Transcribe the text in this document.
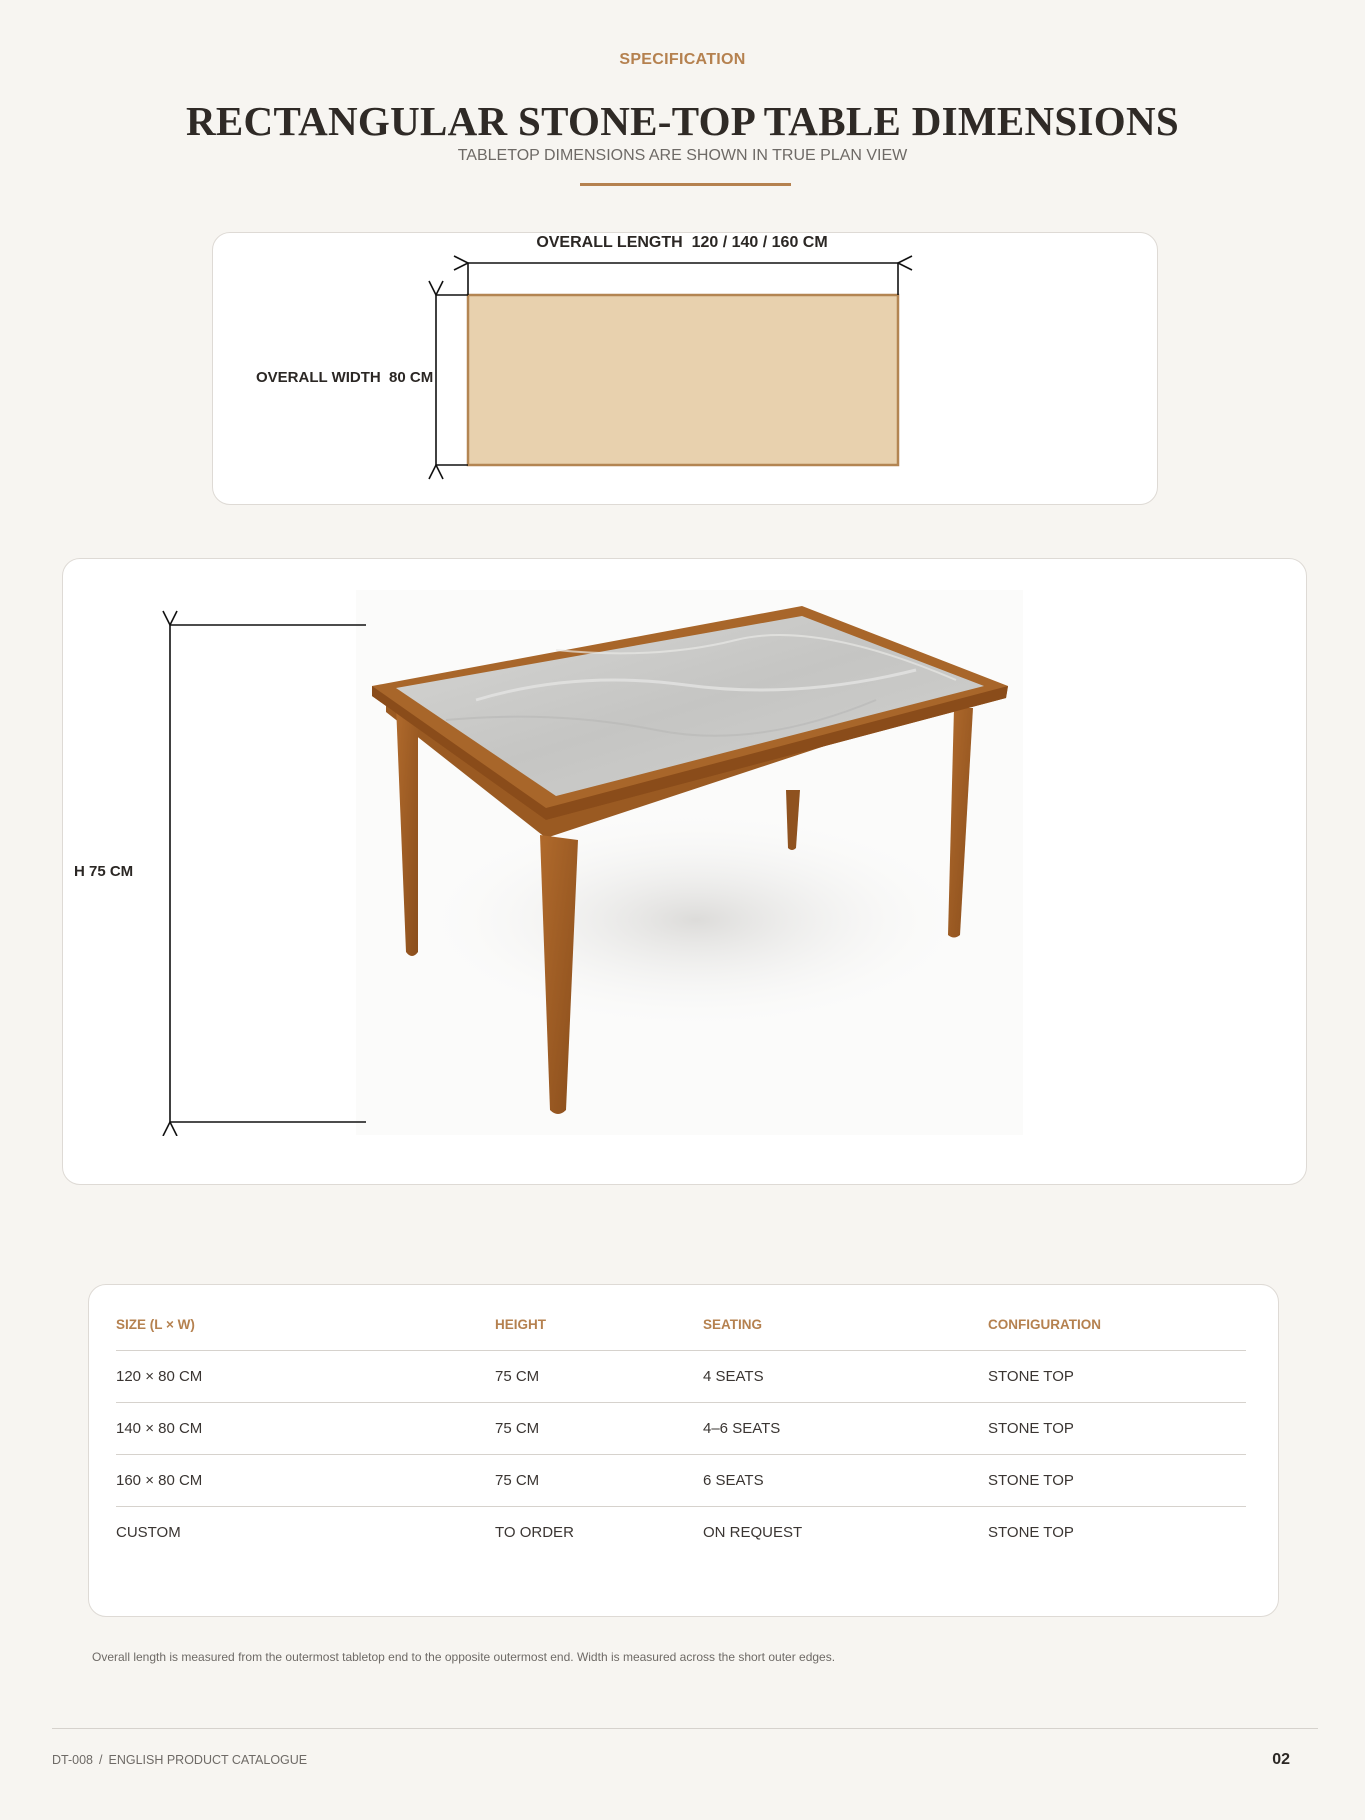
SPECIFICATION
RECTANGULAR STONE-TOP TABLE DIMENSIONS
TABLETOP DIMENSIONS ARE SHOWN IN TRUE PLAN VIEW
OVERALL LENGTH  120 / 140 / 160 CM
OVERALL WIDTH  80 CM
H 75 CM
SIZE (L × W)	HEIGHT	SEATING	CONFIGURATION
120 × 80 CM	75 CM	4 SEATS	STONE TOP
140 × 80 CM	75 CM	4–6 SEATS	STONE TOP
160 × 80 CM	75 CM	6 SEATS	STONE TOP
CUSTOM	TO ORDER	ON REQUEST	STONE TOP
Overall length is measured from the outermost tabletop end to the opposite outermost end. Width is measured across the short outer edges.
DT-008 / ENGLISH PRODUCT CATALOGUE	02
